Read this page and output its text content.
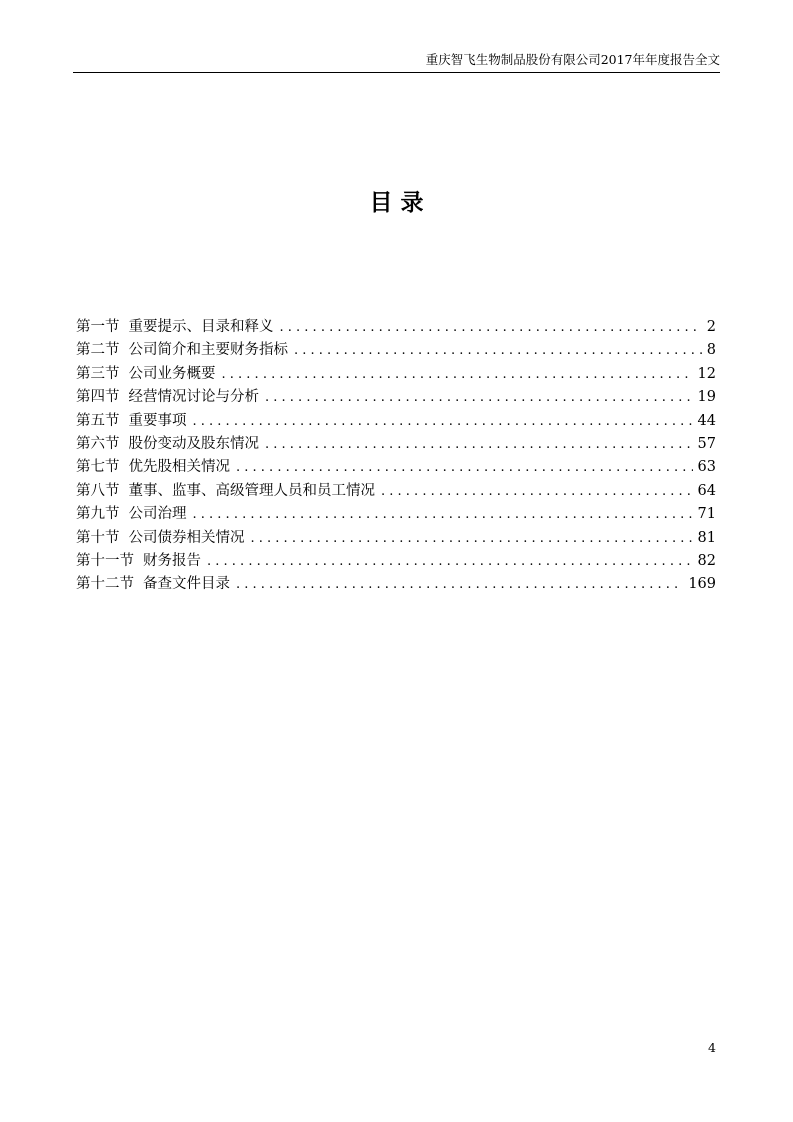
重庆智飞生物制品股份有限公司2017年年度报告全文
目 录
第一节 重要提示、目录和释义 . . .	2
第二节 公司简介和主要财务指标 . . .	8
第三节 公司业务概要 . . .	12
第四节 经营情况讨论与分析 . . .	19
第五节 重要事项 . . .	44
第六节 股份变动及股东情况 . . .	57
第七节 优先股相关情况 . . .	63
第八节 董事、监事、高级管理人员和员工情况 . . .	64
第九节 公司治理 . . .	71
第十节 公司债券相关情况 . . .	81
第十一节 财务报告 . . .	82
第十二节 备查文件目录 . . .	169
4
